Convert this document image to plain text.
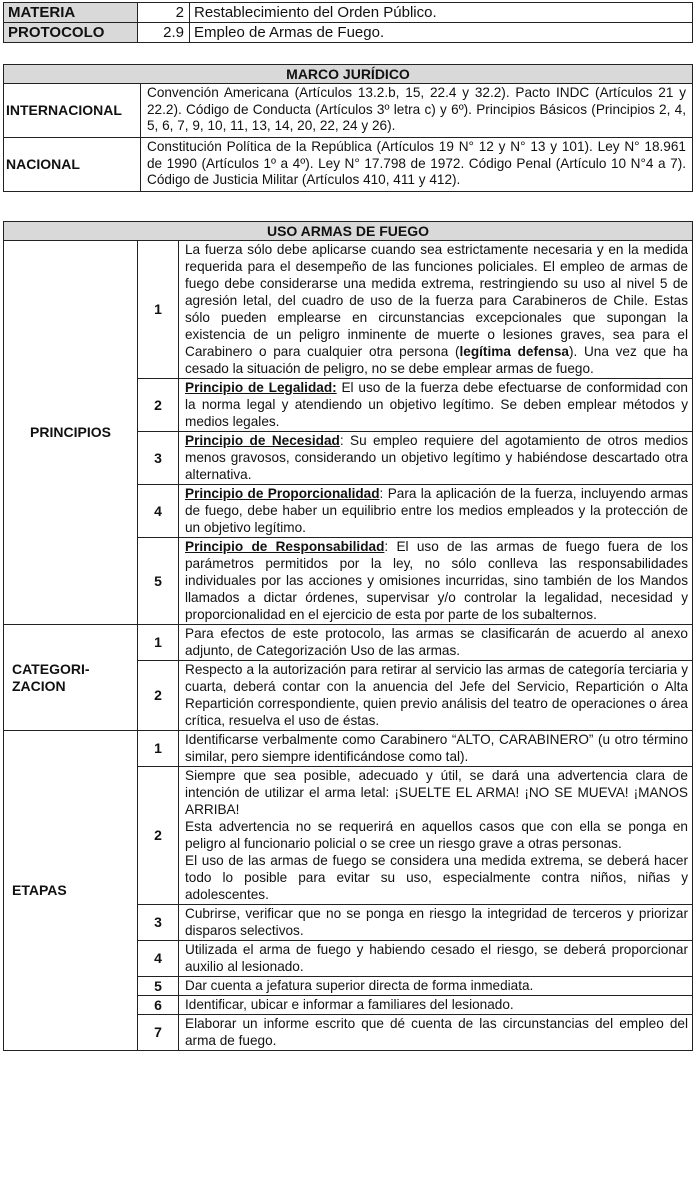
MATERIA	2	Restablecimiento del Orden Público.
PROTOCOLO	2.9	Empleo de Armas de Fuego.
MARCO JURÍDICO	
INTERNACIONAL	Convención Americana (Artículos 13.2.b, 15, 22.4 y 32.2). Pacto INDC (Artículos 21 y 22.2). Código de Conducta (Artículos 3º letra c) y 6º). Principios Básicos (Principios 2, 4, 5, 6, 7, 9, 10, 11, 13, 14, 20, 22, 24 y 26).
NACIONAL	Constitución Política de la República (Artículos 19 N° 12 y N° 13 y 101). Ley N° 18.961 de 1990 (Artículos 1º a 4º). Ley N° 17.798 de 1972. Código Penal (Artículo 10 N°4 a 7). Código de Justicia Militar (Artículos 410, 411 y 412).
USO ARMAS DE FUEGO		
PRINCIPIOS	1	La fuerza sólo debe aplicarse cuando sea estrictamente necesaria y en la medida requerida para el desempeño de las funciones policiales. El empleo de armas de fuego debe considerarse una medida extrema, restringiendo su uso al nivel 5 de agresión letal, del cuadro de uso de la fuerza para Carabineros de Chile. Estas sólo pueden emplearse en circunstancias excepcionales que supongan la existencia de un peligro inminente de muerte o lesiones graves, sea para el Carabinero o para cualquier otra persona (legítima defensa). Una vez que ha cesado la situación de peligro, no se debe emplear armas de fuego.
	2	Principio de Legalidad: El uso de la fuerza debe efectuarse de conformidad con la norma legal y atendiendo un objetivo legítimo. Se deben emplear métodos y medios legales.
	3	Principio de Necesidad: Su empleo requiere del agotamiento de otros medios menos gravosos, considerando un objetivo legítimo y habiéndose descartado otra alternativa.
	4	Principio de Proporcionalidad: Para la aplicación de la fuerza, incluyendo armas de fuego, debe haber un equilibrio entre los medios empleados y la protección de un objetivo legítimo.
	5	Principio de Responsabilidad: El uso de las armas de fuego fuera de los parámetros permitidos por la ley, no sólo conlleva las responsabilidades individuales por las acciones y omisiones incurridas, sino también de los Mandos llamados a dictar órdenes, supervisar y/o controlar la legalidad, necesidad y proporcionalidad en el ejercicio de esta por parte de los subalternos.

CATEGORI-
ZACION	1	Para efectos de este protocolo, las armas se clasificarán de acuerdo al anexo adjunto, de Categorización Uso de las armas.
	2	Respecto a la autorización para retirar al servicio las armas de categoría terciaria y cuarta, deberá contar con la anuencia del Jefe del Servicio, Repartición o Alta Repartición correspondiente, quien previo análisis del teatro de operaciones o área crítica, resuelva el uso de éstas.
ETAPAS	1	Identificarse verbalmente como Carabinero “ALTO, CARABINERO” (u otro término similar, pero siempre identificándose como tal).
	2	Siempre que sea posible, adecuado y útil, se dará una advertencia clara de intención de utilizar el arma letal: ¡SUELTE EL ARMA! ¡NO SE MUEVA! ¡MANOS ARRIBA!
Esta advertencia no se requerirá en aquellos casos que con ella se ponga en peligro al funcionario policial o se cree un riesgo grave a otras personas.
El uso de las armas de fuego se considera una medida extrema, se deberá hacer todo lo posible para evitar su uso, especialmente contra niños, niñas y adolescentes.

	3	Cubrirse, verificar que no se ponga en riesgo la integridad de terceros y priorizar disparos selectivos.
	4	Utilizada el arma de fuego y habiendo cesado el riesgo, se deberá proporcionar auxilio al lesionado.
	5	Dar cuenta a jefatura superior directa de forma inmediata.
	6	Identificar, ubicar e informar a familiares del lesionado.
	7	Elaborar un informe escrito que dé cuenta de las circunstancias del empleo del arma de fuego.
